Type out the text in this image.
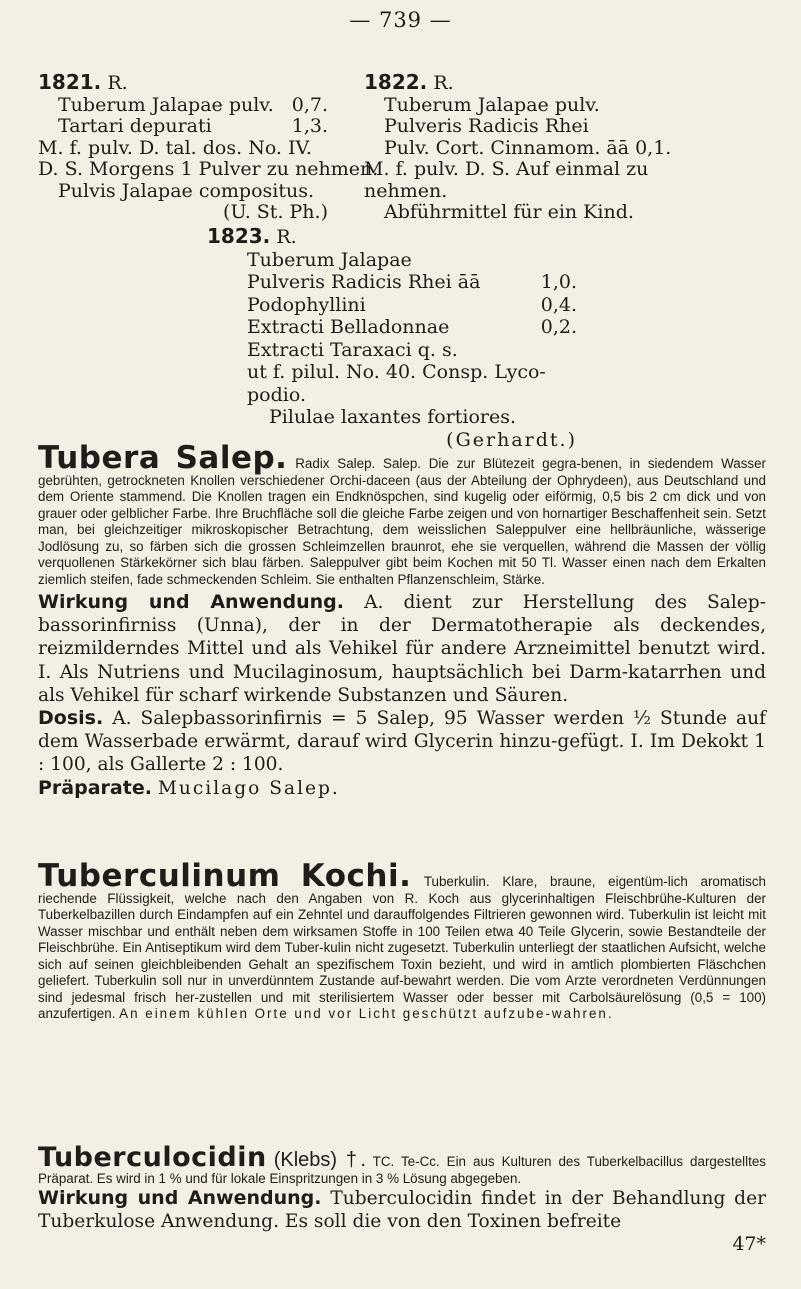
— 739 —
1821. R.
Tuberum Jalapae pulv. 0,7.
Tartari depurati	1,3.
M. f. pulv. D. tal. dos. No. IV.
D. S. Morgens 1 Pulver zu nehmen.
Pulvis Jalapae compositus.
(U. St. Ph.)
1822. R.
Tuberum Jalapae pulv.
Pulveris Radicis Rhei
Pulv. Cort. Cinnamom. āā 0,1.
M. f. pulv. D. S. Auf einmal zu
nehmen.
Abführmittel für ein Kind.
1823. R.
Tuberum Jalapae
Pulveris Radicis Rhei āā	1,0.
Podophyllini	0,4.
Extracti Belladonnae	0,2.
Extracti Taraxaci q. s.
ut f. pilul. No. 40. Consp. Lyco-
podio.
Pilulae laxantes fortiores.
(Gerhardt.)
Tubera Salep. Radix Salep. Salep. Die zur Blütezeit gegra-benen, in siedendem Wasser gebrühten, getrockneten Knollen verschiedener Orchi-daceen (aus der Abteilung der Ophrydeen), aus Deutschland und dem Oriente stammend. Die Knollen tragen ein Endknöspchen, sind kugelig oder eiförmig, 0,5 bis 2 cm dick und von grauer oder gelblicher Farbe. Ihre Bruchfläche soll die gleiche Farbe zeigen und von hornartiger Beschaffenheit sein. Setzt man, bei gleichzeitiger mikroskopischer Betrachtung, dem weisslichen Saleppulver eine hellbräunliche, wässerige Jodlösung zu, so färben sich die grossen Schleimzellen braunrot, ehe sie verquellen, während die Massen der völlig verquollenen Stärkekörner sich blau färben. Saleppulver gibt beim Kochen mit 50 Tl. Wasser einen nach dem Erkalten ziemlich steifen, fade schmeckenden Schleim. Sie enthalten Pflanzenschleim, Stärke.
Wirkung und Anwendung. A. dient zur Herstellung des Salep-bassorinfirniss (Unna), der in der Dermatotherapie als deckendes, reizmilderndes Mittel und als Vehikel für andere Arzneimittel benutzt wird. I. Als Nutriens und Mucilaginosum, hauptsächlich bei Darm-katarrhen und als Vehikel für scharf wirkende Substanzen und Säuren.
Dosis. A. Salepbassorinfirnis = 5 Salep, 95 Wasser werden ½ Stunde auf dem Wasserbade erwärmt, darauf wird Glycerin hinzu-gefügt. I. Im Dekokt 1 : 100, als Gallerte 2 : 100.
Präparate. Mucilago Salep.
Tuberculinum Kochi. Tuberkulin. Klare, braune, eigentüm-lich aromatisch riechende Flüssigkeit, welche nach den Angaben von R. Koch aus glycerinhaltigen Fleischbrühe-Kulturen der Tuberkelbazillen durch Eindampfen auf ein Zehntel und darauffolgendes Filtrieren gewonnen wird. Tuberkulin ist leicht mit Wasser mischbar und enthält neben dem wirksamen Stoffe in 100 Teilen etwa 40 Teile Glycerin, sowie Bestandteile der Fleischbrühe. Ein Antiseptikum wird dem Tuber-kulin nicht zugesetzt. Tuberkulin unterliegt der staatlichen Aufsicht, welche sich auf seinen gleichbleibenden Gehalt an spezifischem Toxin bezieht, und wird in amtlich plombierten Fläschchen geliefert. Tuberkulin soll nur in unverdünntem Zustande auf-bewahrt werden. Die vom Arzte verordneten Verdünnungen sind jedesmal frisch her-zustellen und mit sterilisiertem Wasser oder besser mit Carbolsäurelösung (0,5 = 100) anzufertigen. An einem kühlen Orte und vor Licht geschützt aufzube-wahren.
Tuberculocidin (Klebs) †. TC. Te-Cc. Ein aus Kulturen des Tuberkelbacillus dargestelltes Präparat. Es wird in 1 % und für lokale Einspritzungen in 3 % Lösung abgegeben.
Wirkung und Anwendung. Tuberculocidin findet in der Behandlung der Tuberkulose Anwendung. Es soll die von den Toxinen befreite
47*
